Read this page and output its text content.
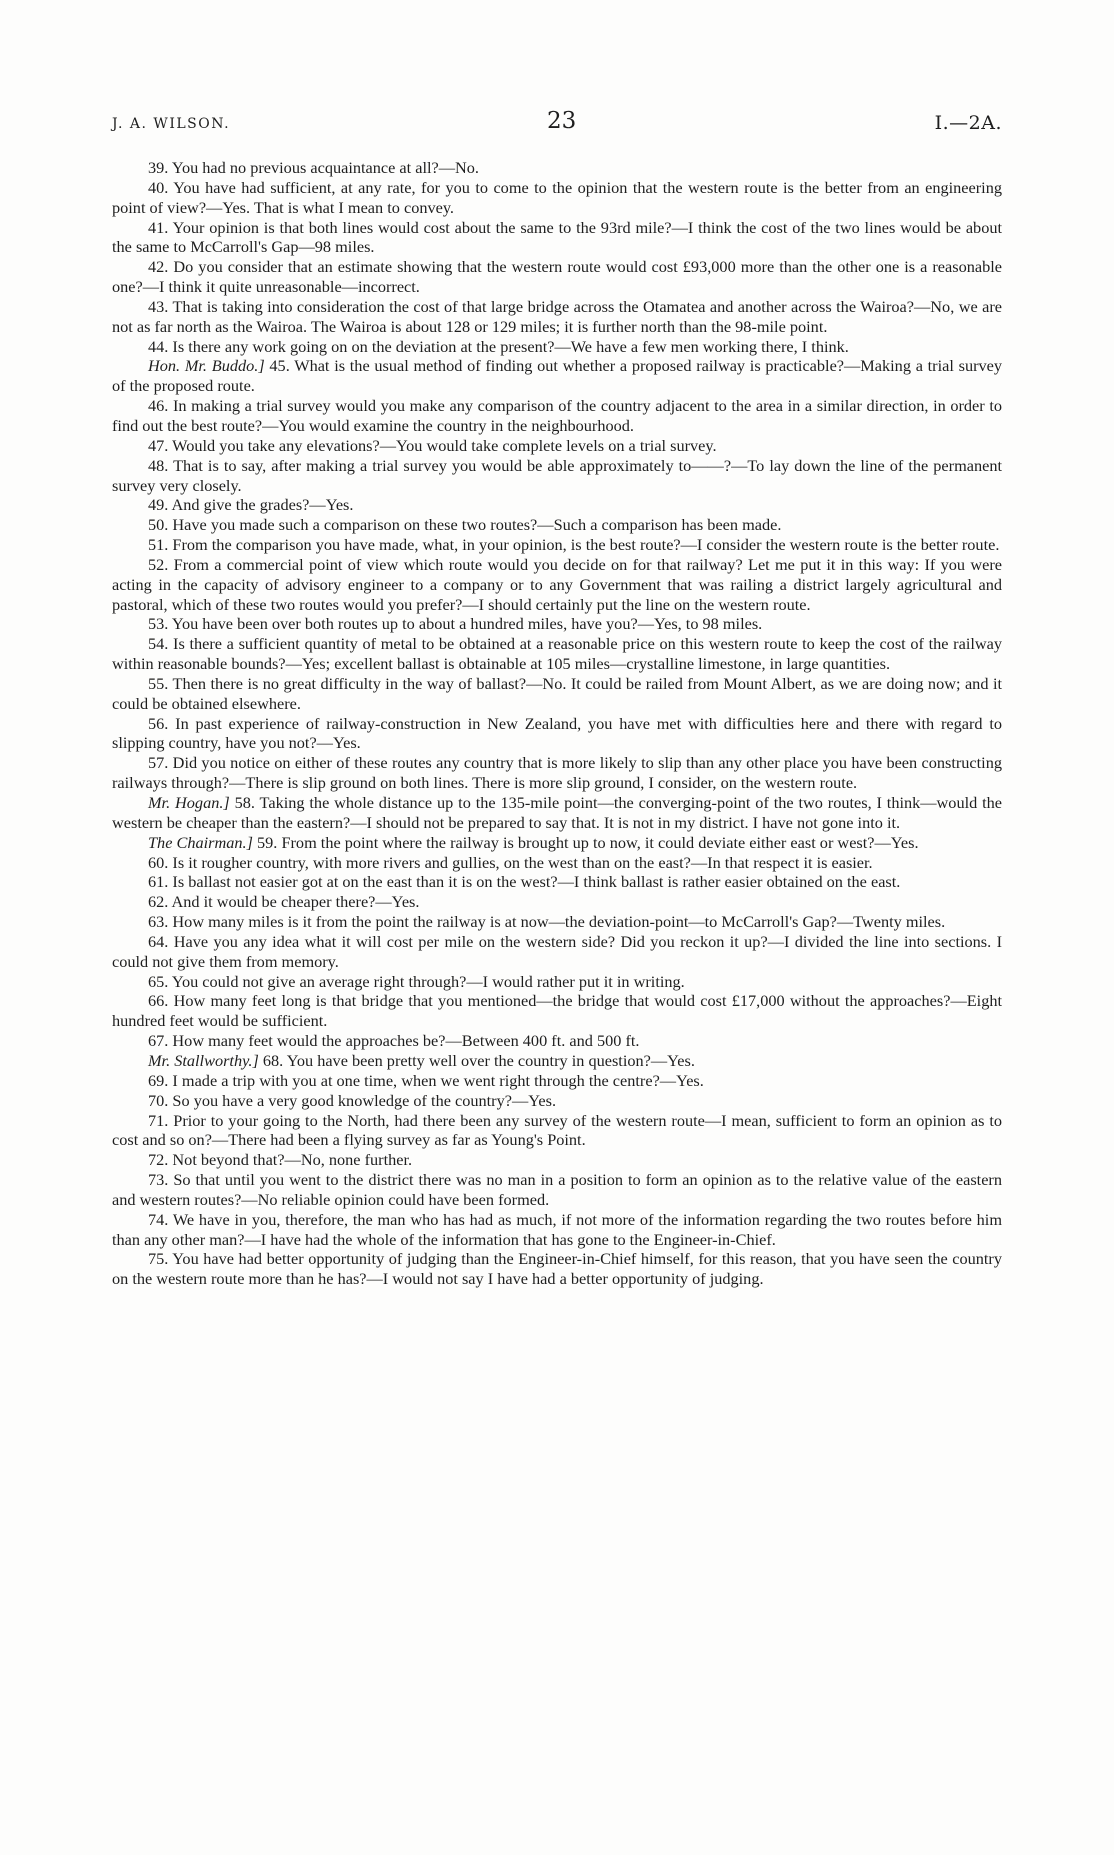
J. A. WILSON.	23	I.—2A.

39. You had no previous acquaintance at all?—No.

40. You have had sufficient, at any rate, for you to come to the opinion that the western route is the better from an engineering point of view?—Yes. That is what I mean to convey.

41. Your opinion is that both lines would cost about the same to the 93rd mile?—I think the cost of the two lines would be about the same to McCarroll's Gap—98 miles.

42. Do you consider that an estimate showing that the western route would cost £93,000 more than the other one is a reasonable one?—I think it quite unreasonable—incorrect.

43. That is taking into consideration the cost of that large bridge across the Otamatea and another across the Wairoa?—No, we are not as far north as the Wairoa. The Wairoa is about 128 or 129 miles; it is further north than the 98-mile point.

44. Is there any work going on on the deviation at the present?—We have a few men working there, I think.

Hon. Mr. Buddo.] 45. What is the usual method of finding out whether a proposed railway is practicable?—Making a trial survey of the proposed route.

46. In making a trial survey would you make any comparison of the country adjacent to the area in a similar direction, in order to find out the best route?—You would examine the country in the neighbourhood.

47. Would you take any elevations?—You would take complete levels on a trial survey.

48. That is to say, after making a trial survey you would be able approximately to——?—To lay down the line of the permanent survey very closely.

49. And give the grades?—Yes.

50. Have you made such a comparison on these two routes?—Such a comparison has been made.

51. From the comparison you have made, what, in your opinion, is the best route?—I consider the western route is the better route.

52. From a commercial point of view which route would you decide on for that railway? Let me put it in this way: If you were acting in the capacity of advisory engineer to a company or to any Government that was railing a district largely agricultural and pastoral, which of these two routes would you prefer?—I should certainly put the line on the western route.

53. You have been over both routes up to about a hundred miles, have you?—Yes, to 98 miles.

54. Is there a sufficient quantity of metal to be obtained at a reasonable price on this western route to keep the cost of the railway within reasonable bounds?—Yes; excellent ballast is obtainable at 105 miles—crystalline limestone, in large quantities.

55. Then there is no great difficulty in the way of ballast?—No. It could be railed from Mount Albert, as we are doing now; and it could be obtained elsewhere.

56. In past experience of railway-construction in New Zealand, you have met with difficulties here and there with regard to slipping country, have you not?—Yes.

57. Did you notice on either of these routes any country that is more likely to slip than any other place you have been constructing railways through?—There is slip ground on both lines. There is more slip ground, I consider, on the western route.

Mr. Hogan.] 58. Taking the whole distance up to the 135-mile point—the converging-point of the two routes, I think—would the western be cheaper than the eastern?—I should not be prepared to say that. It is not in my district. I have not gone into it.

The Chairman.] 59. From the point where the railway is brought up to now, it could deviate either east or west?—Yes.

60. Is it rougher country, with more rivers and gullies, on the west than on the east?—In that respect it is easier.

61. Is ballast not easier got at on the east than it is on the west?—I think ballast is rather easier obtained on the east.

62. And it would be cheaper there?—Yes.

63. How many miles is it from the point the railway is at now—the deviation-point—to McCarroll's Gap?—Twenty miles.

64. Have you any idea what it will cost per mile on the western side? Did you reckon it up?—I divided the line into sections. I could not give them from memory.

65. You could not give an average right through?—I would rather put it in writing.

66. How many feet long is that bridge that you mentioned—the bridge that would cost £17,000 without the approaches?—Eight hundred feet would be sufficient.

67. How many feet would the approaches be?—Between 400 ft. and 500 ft.

Mr. Stallworthy.] 68. You have been pretty well over the country in question?—Yes.

69. I made a trip with you at one time, when we went right through the centre?—Yes.

70. So you have a very good knowledge of the country?—Yes.

71. Prior to your going to the North, had there been any survey of the western route—I mean, sufficient to form an opinion as to cost and so on?—There had been a flying survey as far as Young's Point.

72. Not beyond that?—No, none further.

73. So that until you went to the district there was no man in a position to form an opinion as to the relative value of the eastern and western routes?—No reliable opinion could have been formed.

74. We have in you, therefore, the man who has had as much, if not more of the information regarding the two routes before him than any other man?—I have had the whole of the information that has gone to the Engineer-in-Chief.

75. You have had better opportunity of judging than the Engineer-in-Chief himself, for this reason, that you have seen the country on the western route more than he has?—I would not say I have had a better opportunity of judging.
